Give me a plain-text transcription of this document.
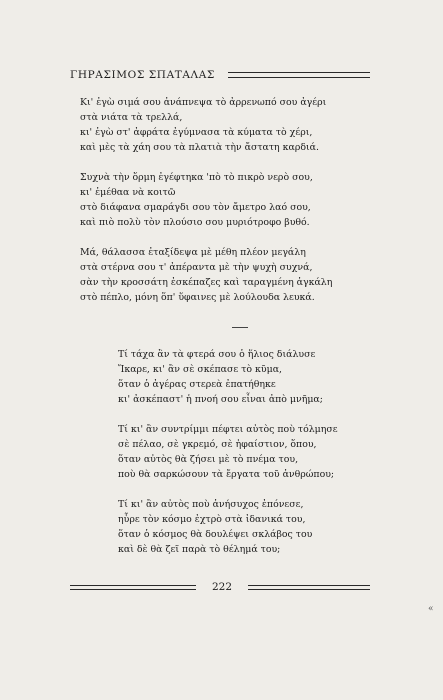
ΓΗΡΑΣΙΜΟΣ ΣΠΑΤΑΛΑΣ
Κι' ἐγὼ σιμά σου ἀνάπνεψα τὸ ἀρρενωπό σου ἀγέρι
στὰ νιάτα τὰ τρελλά,
κι' ἐγὼ στ' ἀφράτα ἐγύμνασα τὰ κύματα τὸ χέρι,
καὶ μὲς τὰ χάη σου τὰ πλατιὰ τὴν ἄστατη καρδιά.
Συχνὰ τὴν ὅρμη ἐγέφτηκα 'πὸ τὸ πικρὸ νερὸ σου,
κι' ἐμέθαα νὰ κοιτῶ
στὸ διάφανα σμαράγδι σου τὸν ἄμετρο λαό σου,
καὶ πιὸ πολὺ τὸν πλούσιο σου μυριότροφο βυθό.
Μά, θάλασσα ἐταξίδεψα μὲ μέθη πλέον μεγάλη
στὰ στέρνα σου τ' ἀπέραντα μὲ τὴν ψυχὴ συχνά,
σὰν τὴν κροσσάτη ἐσκέπαζες καὶ ταραγμένη ἀγκάλη
στὸ πέπλο, μόνη ὅπ' ὕφαινες μὲ λούλουδα λευκά.
Τί τάχα ἂν τὰ φτερά σου ὁ ἥλιος διάλυσε
Ἴκαρε, κι' ἂν σὲ σκέπασε τὸ κῦμα,
ὅταν ὁ ἀγέρας στερεὰ ἐπατήθηκε
κι' ἀσκέπαστ' ἡ πνοή σου εἶναι ἀπὸ μνῆμα;
Τί κι' ἂν συντρίμμι πέφτει αὐτὸς ποὺ τόλμησε
σὲ πέλαο, σὲ γκρεμό, σὲ ἡφαίστιον, ὅπου,
ὅταν αὐτὸς θὰ ζήσει μὲ τὸ πνέμα του,
ποὺ θὰ σαρκώσουν τὰ ἔργατα τοῦ ἀνθρώπου;
Τί κι' ἂν αὐτὸς ποὺ ἀνήσυχος ἐπόνεσε,
ηὗρε τὸν κόσμο ἐχτρὸ στὰ ἰδανικά του,
ὅταν ὁ κόσμος θὰ δουλέψει σκλάβος του
καὶ δὲ θὰ ζεῖ παρὰ τὸ θέλημά του;
222
«
